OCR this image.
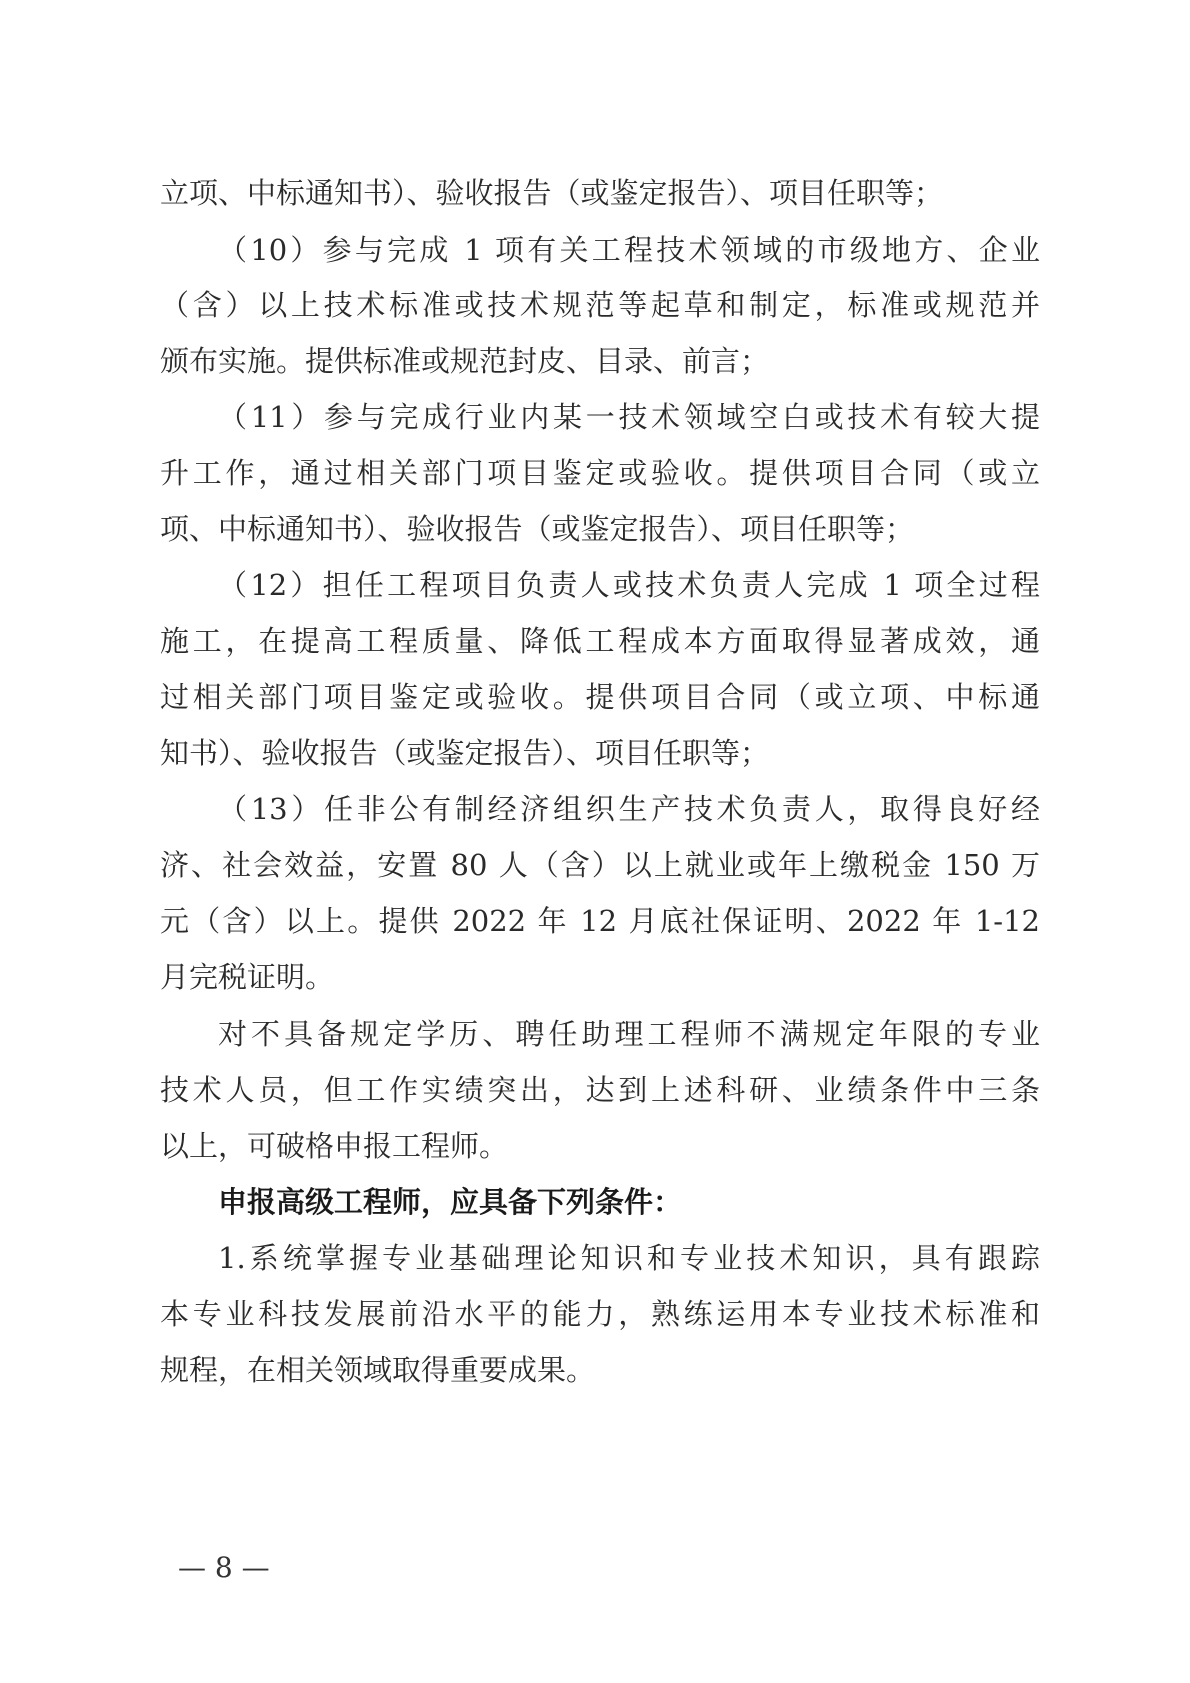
立项、中标通知书）、验收报告（或鉴定报告）、项目任职等；
（10）参与完成 1 项有关工程技术领域的市级地方、企业
（含）以上技术标准或技术规范等起草和制定，标准或规范并
颁布实施。提供标准或规范封皮、目录、前言；
（11）参与完成行业内某一技术领域空白或技术有较大提
升工作，通过相关部门项目鉴定或验收。提供项目合同（或立
项、中标通知书）、验收报告（或鉴定报告）、项目任职等；
（12）担任工程项目负责人或技术负责人完成 1 项全过程
施工，在提高工程质量、降低工程成本方面取得显著成效，通
过相关部门项目鉴定或验收。提供项目合同（或立项、中标通
知书）、验收报告（或鉴定报告）、项目任职等；
（13）任非公有制经济组织生产技术负责人，取得良好经
济、社会效益，安置 80 人（含）以上就业或年上缴税金 150 万
元（含）以上。提供 2022 年 12 月底社保证明、2022 年 1-12
月完税证明。
对不具备规定学历、聘任助理工程师不满规定年限的专业
技术人员，但工作实绩突出，达到上述科研、业绩条件中三条
以上，可破格申报工程师。
申报高级工程师，应具备下列条件：
1.系统掌握专业基础理论知识和专业技术知识，具有跟踪
本专业科技发展前沿水平的能力，熟练运用本专业技术标准和
规程，在相关领域取得重要成果。
— 8 —
